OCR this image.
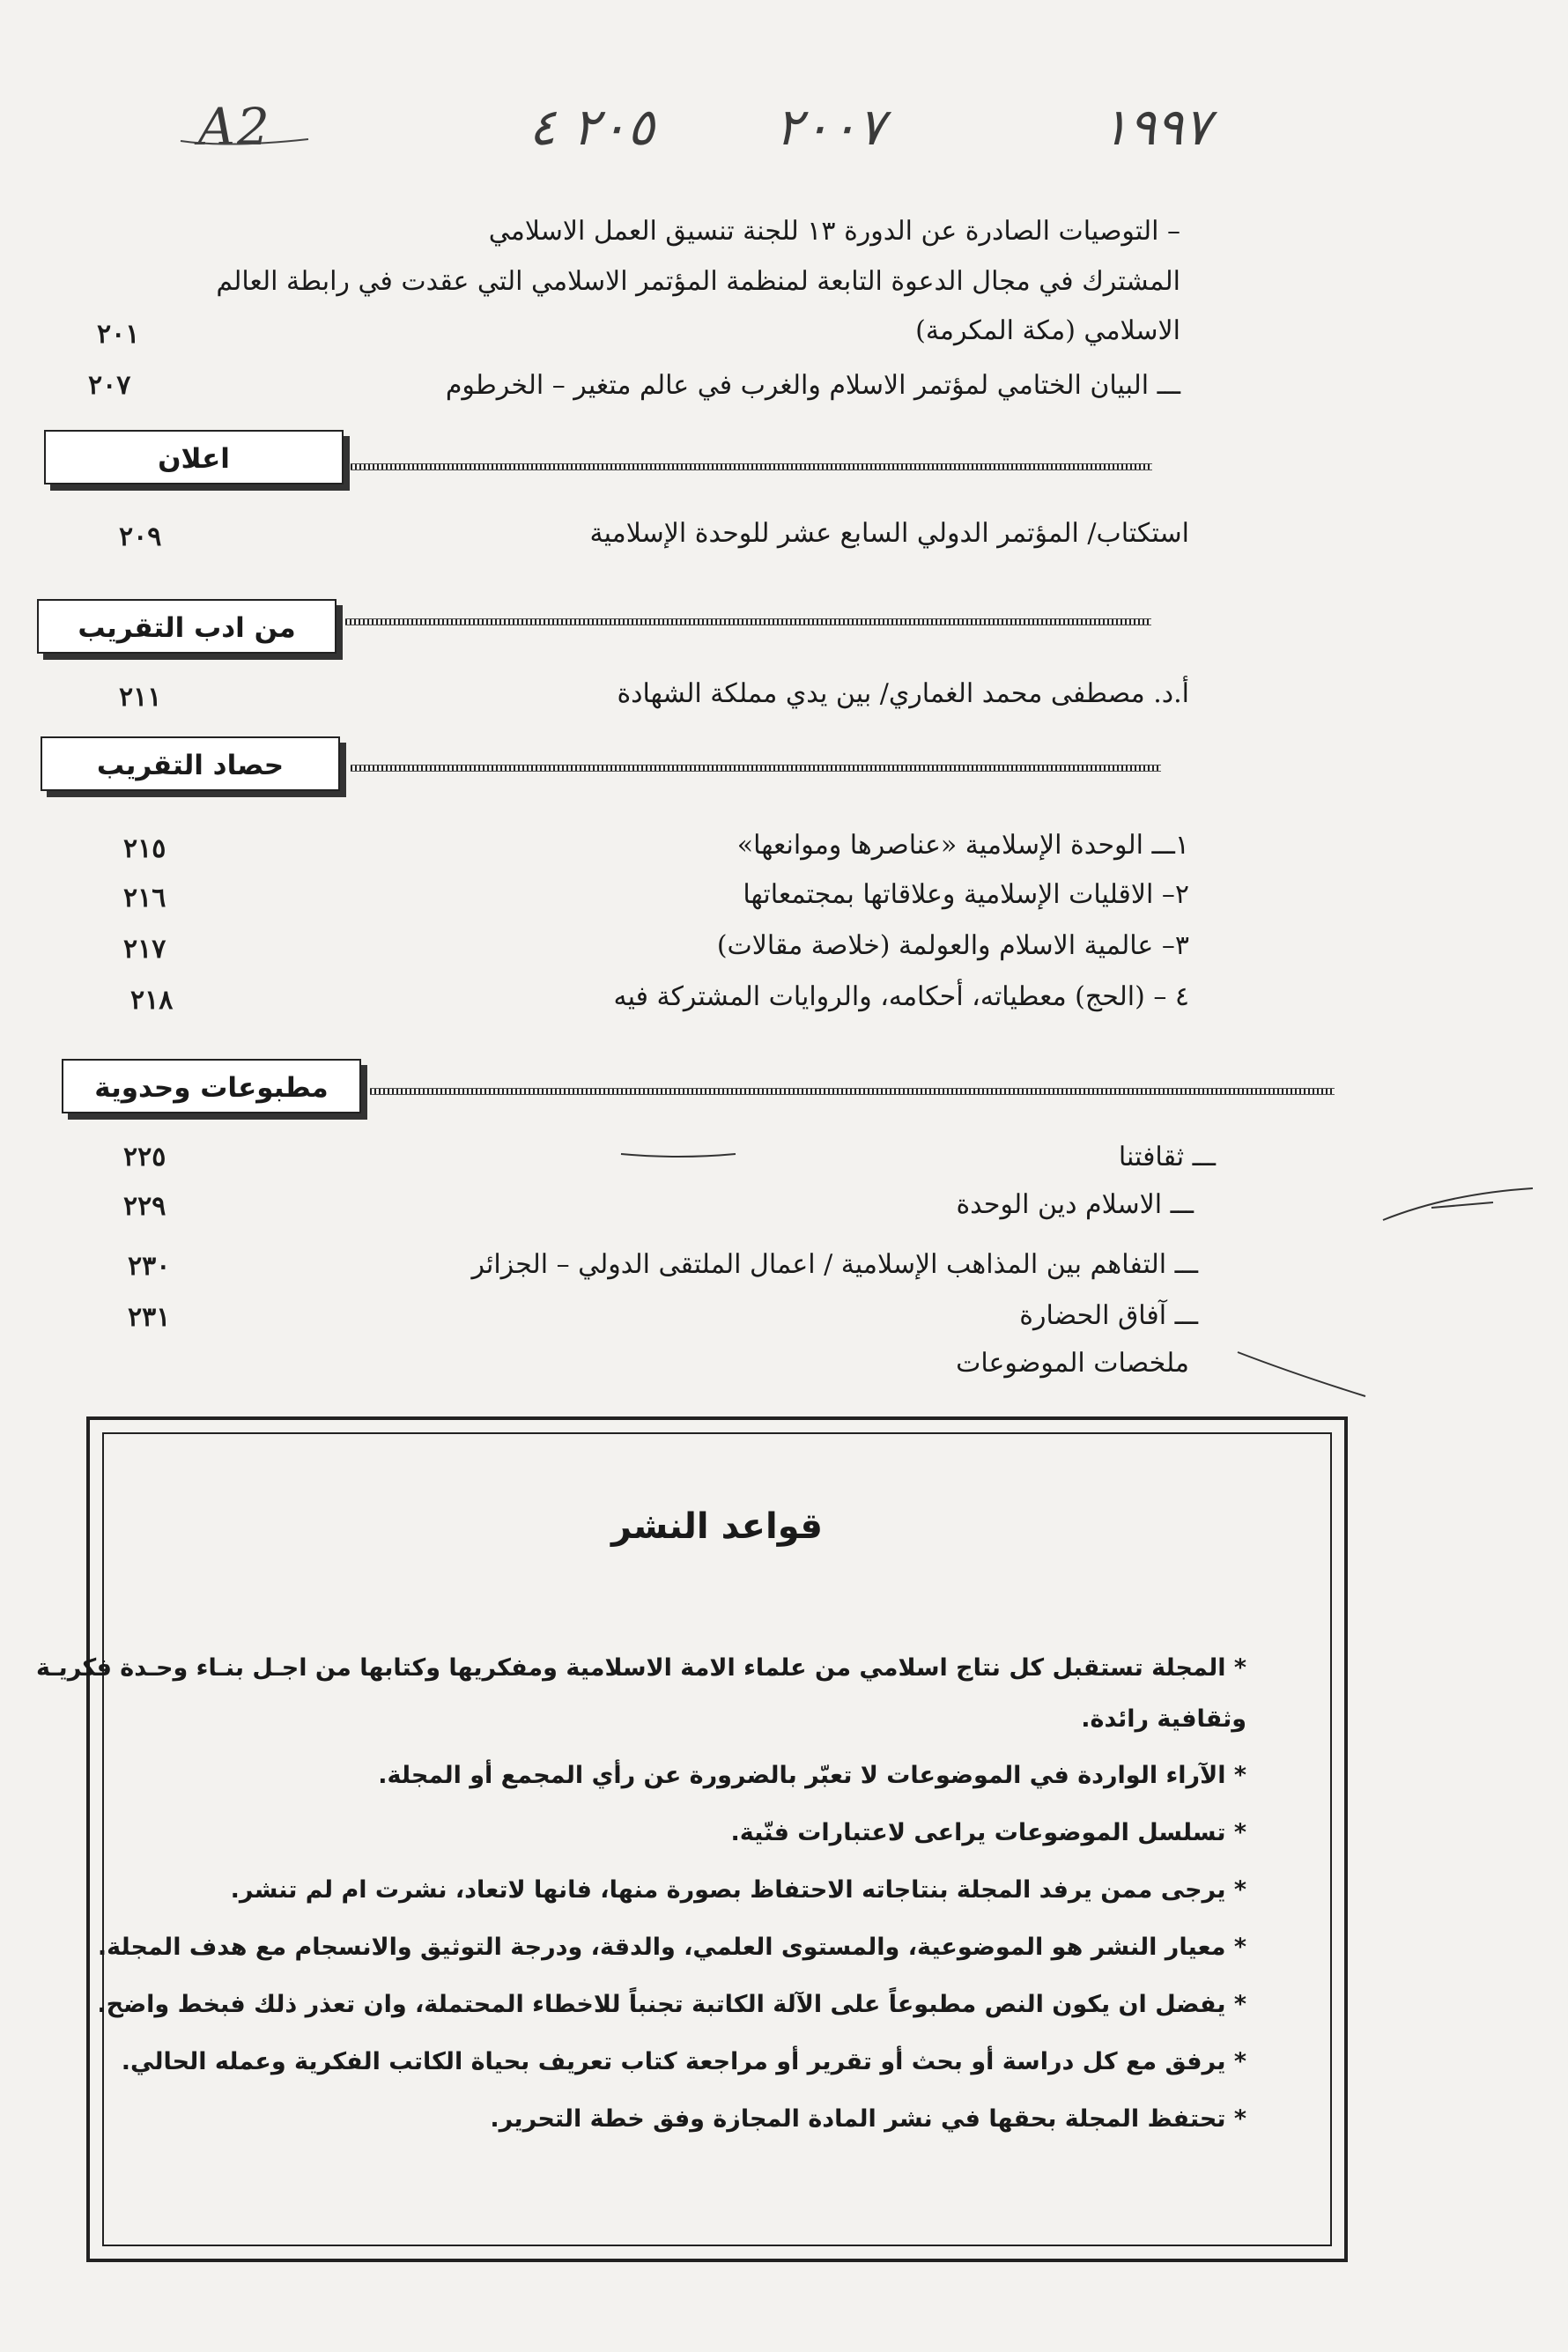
A2	٢٠٥ ٤ ٢٠٠٧	١٩٩٧
– التوصيات الصادرة عن الدورة ١٣ للجنة تنسيق العمل الاسلامي
المشترك في مجال الدعوة التابعة لمنظمة المؤتمر الاسلامي التي عقدت في رابطة العالم
الاسلامي (مكة المكرمة)
٢٠١
ـــ البيان الختامي لمؤتمر الاسلام والغرب في عالم متغير – الخرطوم
٢٠٧
اعلان
استكتاب/ المؤتمر الدولي السابع عشر للوحدة الإسلامية
٢٠٩
من ادب التقريب
أ.د. مصطفى محمد الغماري/ بين يدي مملكة الشهادة
٢١١
حصاد التقريب
١ـــ الوحدة الإسلامية «عناصرها وموانعها»
٢١٥
٢– الاقليات الإسلامية وعلاقاتها بمجتمعاتها
٢١٦
٣– عالمية الاسلام والعولمة (خلاصة مقالات)
٢١٧
٤ – (الحج) معطياته، أحكامه، والروايات المشتركة فيه
٢١٨
مطبوعات وحدوية
ـــ ثقافتنا
٢٢٥
ـــ الاسلام دين الوحدة
٢٢٩
ـــ التفاهم بين المذاهب الإسلامية / اعمال الملتقى الدولي – الجزائر
٢٣٠
ـــ آفاق الحضارة
٢٣١
ملخصات الموضوعات
قواعد النشر
* المجلة تستقبل كل نتاج اسلامي من علماء الامة الاسلامية ومفكريها وكتابها من اجـل بنـاء وحـدة فكريـة
وثقافية رائدة.
* الآراء الواردة في الموضوعات لا تعبّر بالضرورة عن رأي المجمع أو المجلة.
* تسلسل الموضوعات يراعى لاعتبارات فنّية.
* يرجى ممن يرفد المجلة بنتاجاته الاحتفاظ بصورة منها، فانها لاتعاد، نشرت ام لم تنشر.
* معيار النشر هو الموضوعية، والمستوى العلمي، والدقة، ودرجة التوثيق والانسجام مع هدف المجلة.
* يفضل ان يكون النص مطبوعاً على الآلة الكاتبة تجنباً للاخطاء المحتملة، وان تعذر ذلك فبخط واضح.
* يرفق مع كل دراسة أو بحث أو تقرير أو مراجعة كتاب تعريف بحياة الكاتب الفكرية وعمله الحالي.
* تحتفظ المجلة بحقها في نشر المادة المجازة وفق خطة التحرير.
